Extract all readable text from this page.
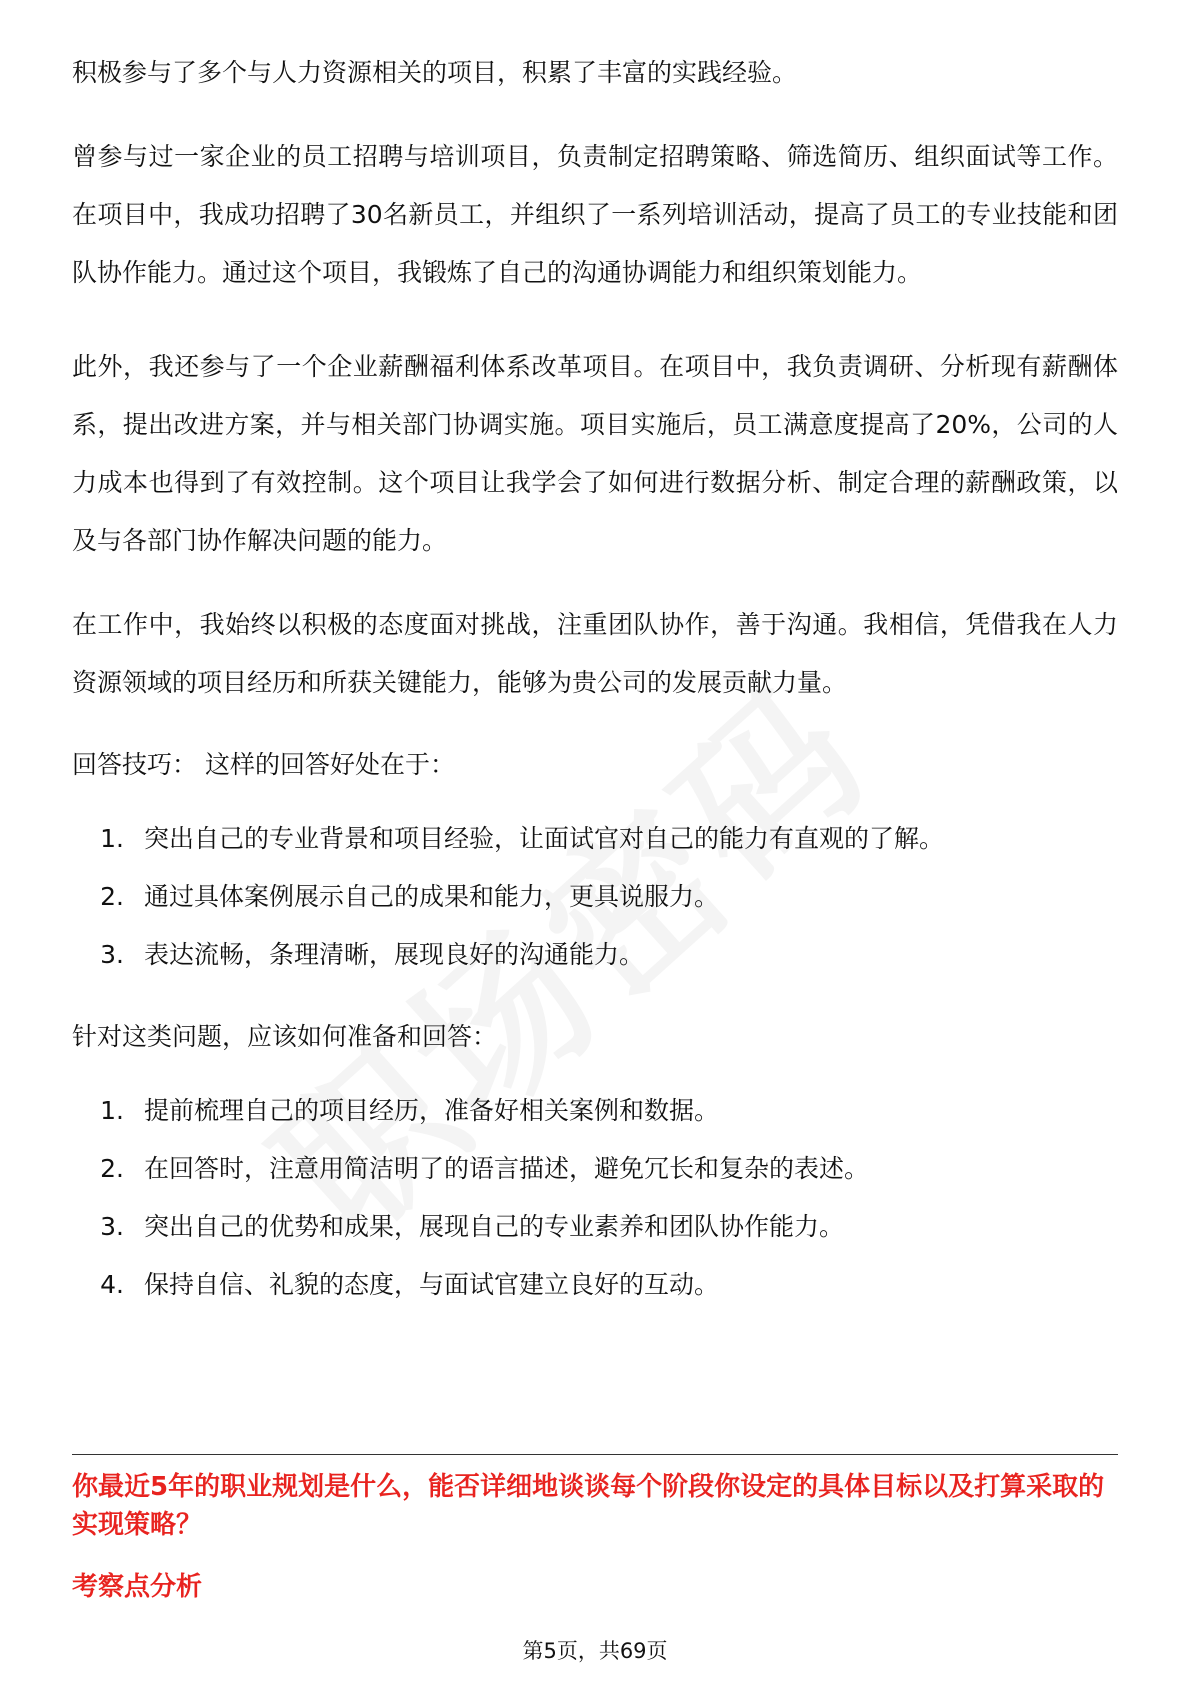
积极参与了多个与人力资源相关的项目，积累了丰富的实践经验。

曾参与过一家企业的员工招聘与培训项目，负责制定招聘策略、筛选简历、组织面试等工作。在项目中，我成功招聘了30名新员工，并组织了一系列培训活动，提高了员工的专业技能和团队协作能力。通过这个项目，我锻炼了自己的沟通协调能力和组织策划能力。

此外，我还参与了一个企业薪酬福利体系改革项目。在项目中，我负责调研、分析现有薪酬体系，提出改进方案，并与相关部门协调实施。项目实施后，员工满意度提高了20%，公司的人力成本也得到了有效控制。这个项目让我学会了如何进行数据分析、制定合理的薪酬政策，以及与各部门协作解决问题的能力。

在工作中，我始终以积极的态度面对挑战，注重团队协作，善于沟通。我相信，凭借我在人力资源领域的项目经历和所获关键能力，能够为贵公司的发展贡献力量。

回答技巧： 这样的回答好处在于：

1. 突出自己的专业背景和项目经验，让面试官对自己的能力有直观的了解。
2. 通过具体案例展示自己的成果和能力，更具说服力。
3. 表达流畅，条理清晰，展现良好的沟通能力。

针对这类问题，应该如何准备和回答：

1. 提前梳理自己的项目经历，准备好相关案例和数据。
2. 在回答时，注意用简洁明了的语言描述，避免冗长和复杂的表述。
3. 突出自己的优势和成果，展现自己的专业素养和团队协作能力。
4. 保持自信、礼貌的态度，与面试官建立良好的互动。
你最近5年的职业规划是什么，能否详细地谈谈每个阶段你设定的具体目标以及打算采取的实现策略？
考察点分析
第5页，共69页
